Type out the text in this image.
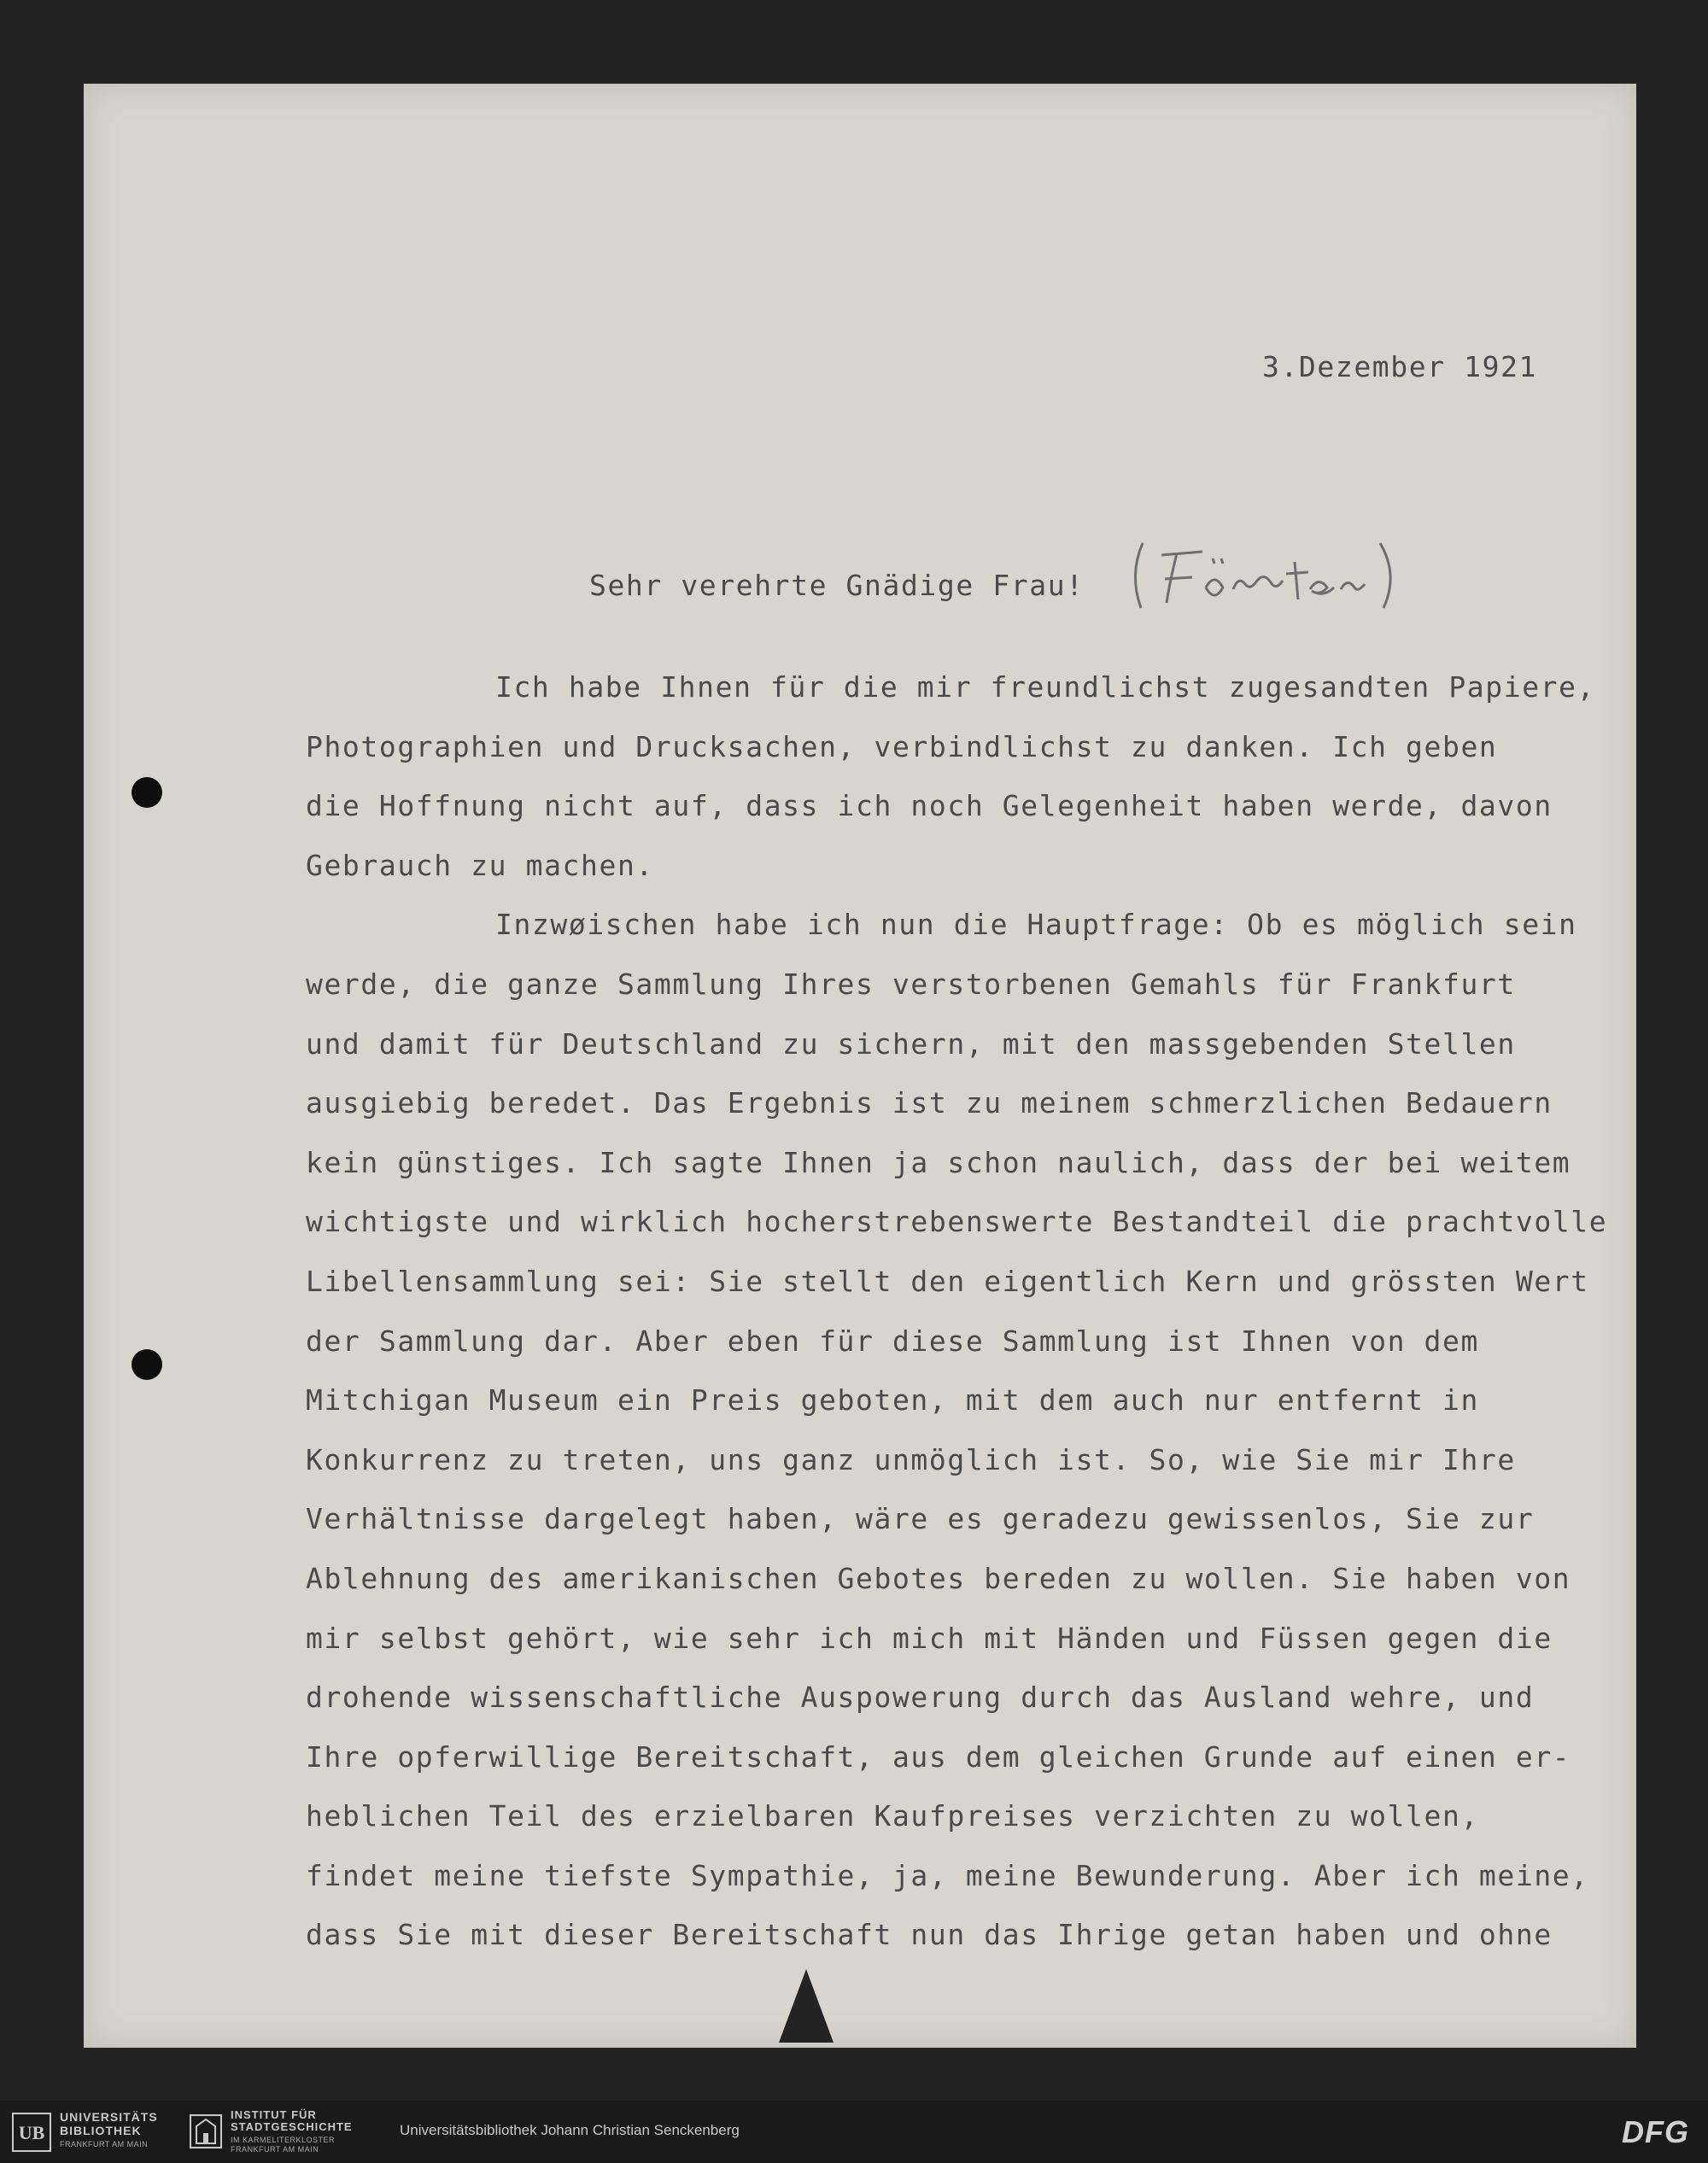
3.Dezember 1921
Sehr verehrte Gnädige Frau!
Ich habe Ihnen für die mir freundlichst zugesandten Papiere,
Photographien und Drucksachen, verbindlichst zu danken. Ich geben
die Hoffnung nicht auf, dass ich noch Gelegenheit haben werde, davon
Gebrauch zu machen.
Inzwøischen habe ich nun die Hauptfrage: Ob es möglich sein
werde, die ganze Sammlung Ihres verstorbenen Gemahls für Frankfurt
und damit für Deutschland zu sichern, mit den massgebenden Stellen
ausgiebig beredet. Das Ergebnis ist zu meinem schmerzlichen Bedauern
kein günstiges. Ich sagte Ihnen ja schon naulich, dass der bei weitem
wichtigste und wirklich hocherstrebenswerte Bestandteil die prachtvolle
Libellensammlung sei: Sie stellt den eigentlich Kern und grössten Wert
der Sammlung dar. Aber eben für diese Sammlung ist Ihnen von dem
Mitchigan Museum ein Preis geboten, mit dem auch nur entfernt in
Konkurrenz zu treten, uns ganz unmöglich ist. So, wie Sie mir Ihre
Verhältnisse dargelegt haben, wäre es geradezu gewissenlos, Sie zur
Ablehnung des amerikanischen Gebotes bereden zu wollen. Sie haben von
mir selbst gehört, wie sehr ich mich mit Händen und Füssen gegen die
drohende wissenschaftliche Auspowerung durch das Ausland wehre, und
Ihre opferwillige Bereitschaft, aus dem gleichen Grunde auf einen er-
heblichen Teil des erzielbaren Kaufpreises verzichten zu wollen,
findet meine tiefste Sympathie, ja, meine Bewunderung. Aber ich meine,
dass Sie mit dieser Bereitschaft nun das Ihrige getan haben und ohne
UB
UNIVERSITÄTS
BIBLIOTHEK
FRANKFURT AM MAIN
INSTITUT FÜR
STADTGESCHICHTE
IM KARMELITERKLOSTER
FRANKFURT AM MAIN
Universitätsbibliothek Johann Christian Senckenberg	DFG
